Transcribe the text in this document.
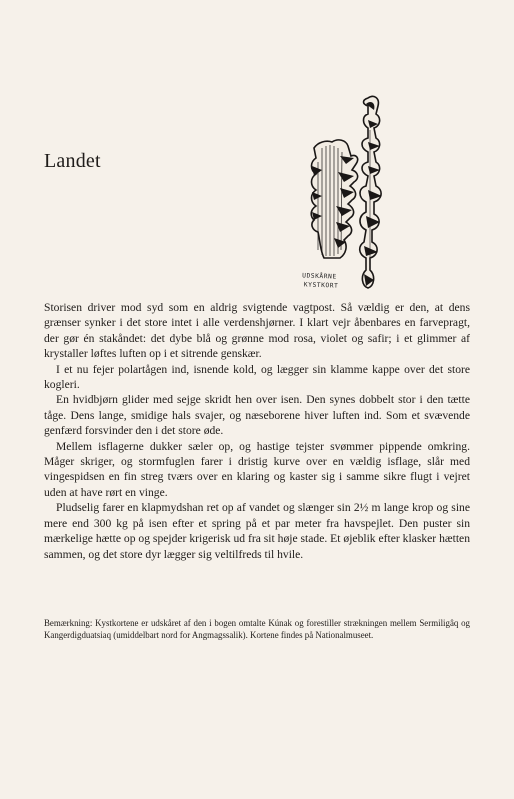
Landet
UDSKÅRNE
KYSTKORT

Storisen driver mod syd som en aldrig svigtende vagtpost. Så vældig er den, at dens grænser synker i det store intet i alle verdenshjørner. I klart vejr åbenbares en farvepragt, der gør én stakåndet: det dybe blå og grønne mod rosa, violet og safir; i et glimmer af krystaller løftes luften op i et sitrende genskær.

I et nu fejer polartågen ind, isnende kold, og lægger sin klamme kappe over det store kogleri.

En hvidbjørn glider med sejge skridt hen over isen. Den synes dobbelt stor i den tætte tåge. Dens lange, smidige hals svajer, og næseborene hiver luften ind. Som et svævende genfærd forsvinder den i det store øde.

Mellem isflagerne dukker sæler op, og hastige tejster svømmer pippende omkring. Måger skriger, og stormfuglen farer i dristig kurve over en vældig isflage, slår med vingespidsen en fin streg tværs over en klaring og kaster sig i samme sikre flugt i vejret uden at have rørt en vinge.

Pludselig farer en klapmydshan ret op af vandet og slænger sin 2½ m lange krop og sine mere end 300 kg på isen efter et spring på et par meter fra havspejlet. Den puster sin mærkelige hætte op og spejder krigerisk ud fra sit høje stade. Et øjeblik efter klasker hætten sammen, og det store dyr lægger sig veltilfreds til hvile.

Bemærkning: Kystkortene er udskåret af den i bogen omtalte Kúnak og forestiller strækningen mellem Sermiligâq og Kangerdigduatsiaq (umiddelbart nord for Angmagssalik). Kortene findes på Nationalmuseet.
